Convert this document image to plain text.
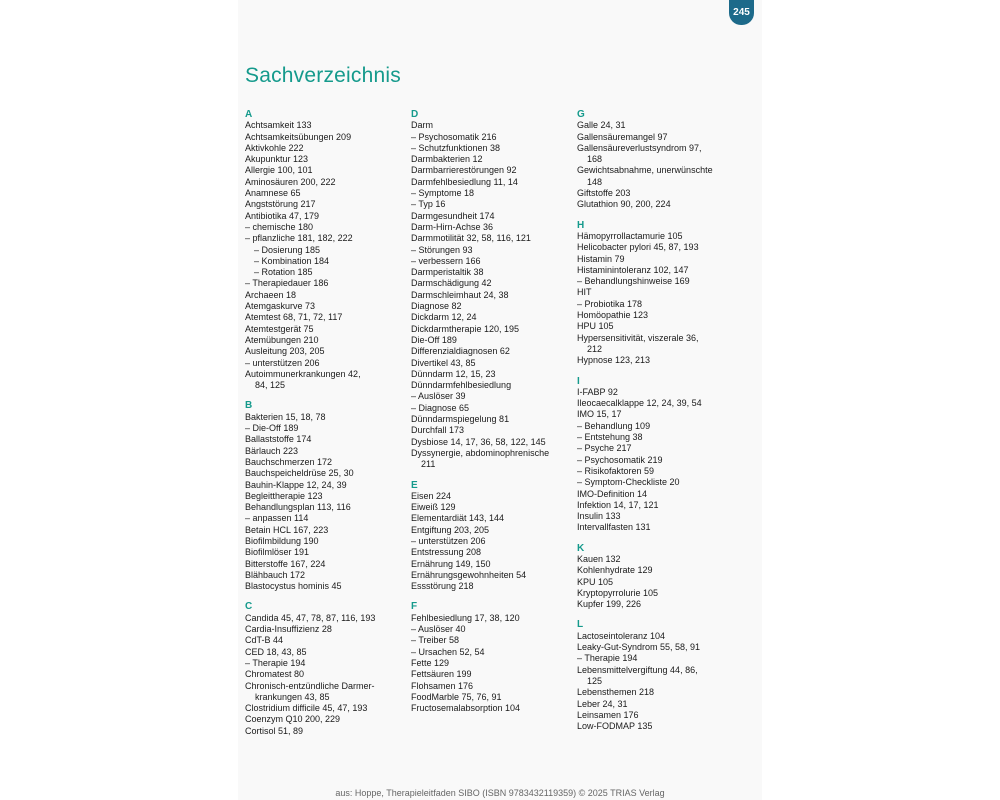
245
Sachverzeichnis
A
Achtsamkeit 133
Achtsamkeitsübungen 209
Aktivkohle 222
Akupunktur 123
Allergie 100, 101
Aminosäuren 200, 222
Anamnese 65
Angststörung 217
Antibiotika 47, 179
– chemische 180
– pflanzliche 181, 182, 222
– Dosierung 185
– Kombination 184
– Rotation 185
– Therapiedauer 186
Archaeen 18
Atemgaskurve 73
Atemtest 68, 71, 72, 117
Atemtestgerät 75
Atemübungen 210
Ausleitung 203, 205
– unterstützen 206
Autoimmunerkrankungen 42,
84, 125
B
Bakterien 15, 18, 78
– Die-Off 189
Ballaststoffe 174
Bärlauch 223
Bauchschmerzen 172
Bauchspeicheldrüse 25, 30
Bauhin-Klappe 12, 24, 39
Begleittherapie 123
Behandlungsplan 113, 116
– anpassen 114
Betain HCL 167, 223
Biofilmbildung 190
Biofilmlöser 191
Bitterstoffe 167, 224
Blähbauch 172
Blastocystus hominis 45
C
Candida 45, 47, 78, 87, 116, 193
Cardia-Insuffizienz 28
CdT-B 44
CED 18, 43, 85
– Therapie 194
Chromatest 80
Chronisch-entzündliche Darmer-
krankungen 43, 85
Clostridium difficile 45, 47, 193
Coenzym Q10 200, 229
Cortisol 51, 89
D
Darm
– Psychosomatik 216
– Schutzfunktionen 38
Darmbakterien 12
Darmbarrierestörungen 92
Darmfehlbesiedlung 11, 14
– Symptome 18
– Typ 16
Darmgesundheit 174
Darm-Hirn-Achse 36
Darmmotilität 32, 58, 116, 121
– Störungen 93
– verbessern 166
Darmperistaltik 38
Darmschädigung 42
Darmschleimhaut 24, 38
Diagnose 82
Dickdarm 12, 24
Dickdarmtherapie 120, 195
Die-Off 189
Differenzialdiagnosen 62
Divertikel 43, 85
Dünndarm 12, 15, 23
Dünndarmfehlbesiedlung
– Auslöser 39
– Diagnose 65
Dünndarmspiegelung 81
Durchfall 173
Dysbiose 14, 17, 36, 58, 122, 145
Dyssynergie, abdominophrenische
211
E
Eisen 224
Eiweiß 129
Elementardiät 143, 144
Entgiftung 203, 205
– unterstützen 206
Entstressung 208
Ernährung 149, 150
Ernährungsgewohnheiten 54
Essstörung 218
F
Fehlbesiedlung 17, 38, 120
– Auslöser 40
– Treiber 58
– Ursachen 52, 54
Fette 129
Fettsäuren 199
Flohsamen 176
FoodMarble 75, 76, 91
Fructosemalabsorption 104
G
Galle 24, 31
Gallensäuremangel 97
Gallensäureverlustsyndrom 97,
168
Gewichtsabnahme, unerwünschte
148
Giftstoffe 203
Glutathion 90, 200, 224
H
Hämopyrrollactamurie 105
Helicobacter pylori 45, 87, 193
Histamin 79
Histaminintoleranz 102, 147
– Behandlungshinweise 169
HIT
– Probiotika 178
Homöopathie 123
HPU 105
Hypersensitivität, viszerale 36,
212
Hypnose 123, 213
I
I-FABP 92
Ileocaecalklappe 12, 24, 39, 54
IMO 15, 17
– Behandlung 109
– Entstehung 38
– Psyche 217
– Psychosomatik 219
– Risikofaktoren 59
– Symptom-Checkliste 20
IMO-Definition 14
Infektion 14, 17, 121
Insulin 133
Intervallfasten 131
K
Kauen 132
Kohlenhydrate 129
KPU 105
Kryptopyrrolurie 105
Kupfer 199, 226
L
Lactoseintoleranz 104
Leaky-Gut-Syndrom 55, 58, 91
– Therapie 194
Lebensmittelvergiftung 44, 86,
125
Lebensthemen 218
Leber 24, 31
Leinsamen 176
Low-FODMAP 135
aus: Hoppe, Therapieleitfaden SIBO (ISBN 9783432119359) © 2025 TRIAS Verlag
